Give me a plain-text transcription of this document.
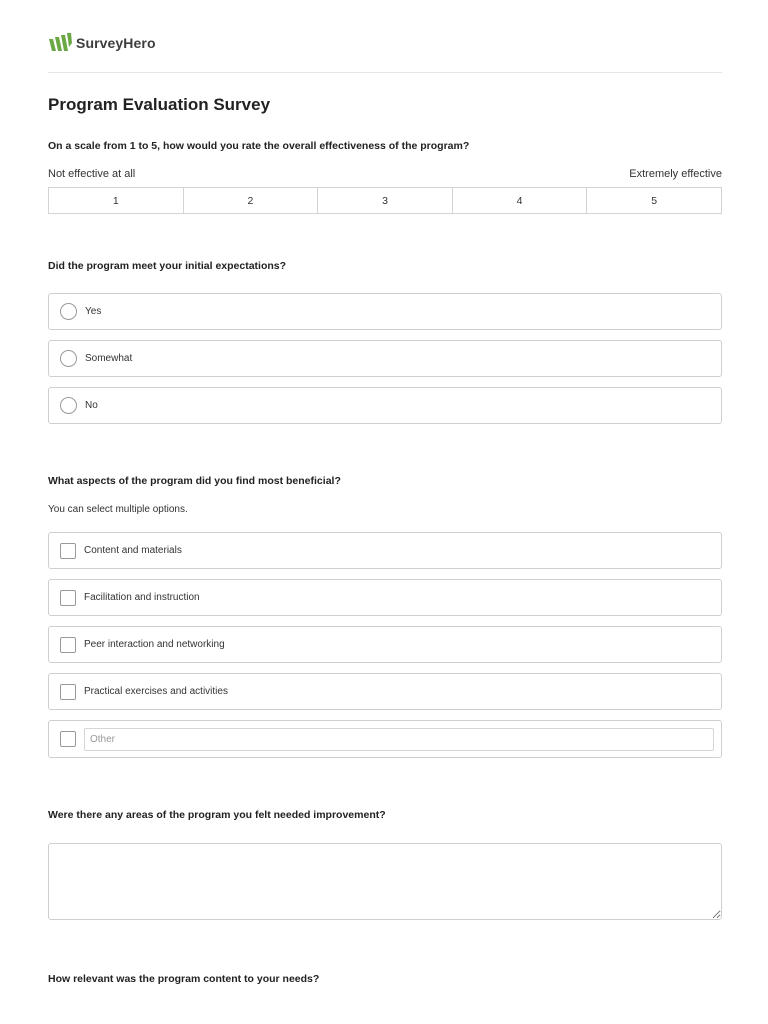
SurveyHero
Program Evaluation Survey
On a scale from 1 to 5, how would you rate the overall effectiveness of the program?
Not effective at all	Extremely effective
1	2	3	4	5
Did the program meet your initial expectations?
Yes
Somewhat
No
What aspects of the program did you find most beneficial?
You can select multiple options.
Content and materials
Facilitation and instruction
Peer interaction and networking
Practical exercises and activities
Other
Were there any areas of the program you felt needed improvement?
How relevant was the program content to your needs?
